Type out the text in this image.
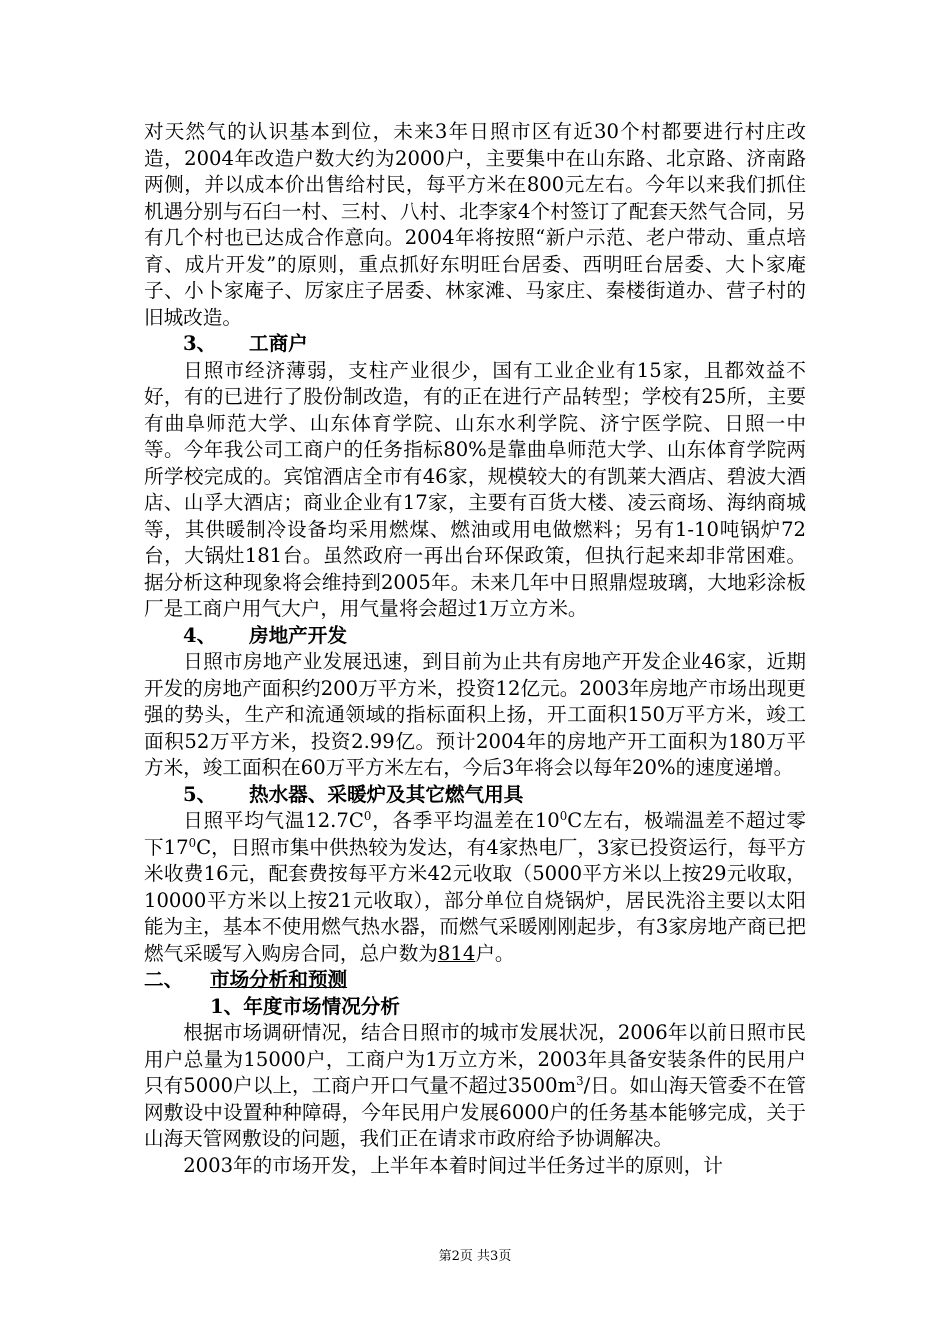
对天然气的认识基本到位，未来3年日照市区有近30个村都要进行村庄改造，2004年改造户数大约为2000户，主要集中在山东路、北京路、济南路两侧，并以成本价出售给村民，每平方米在800元左右。今年以来我们抓住机遇分别与石臼一村、三村、八村、北李家4个村签订了配套天然气合同，另有几个村也已达成合作意向。2004年将按照“新户示范、老户带动、重点培育、成片开发”的原则，重点抓好东明旺台居委、西明旺台居委、大卜家庵子、小卜家庵子、厉家庄子居委、林家滩、马家庄、秦楼街道办、营子村的旧城改造。
3、 工商户
日照市经济薄弱，支柱产业很少，国有工业企业有15家，且都效益不好，有的已进行了股份制改造，有的正在进行产品转型；学校有25所，主要有曲阜师范大学、山东体育学院、山东水利学院、济宁医学院、日照一中等。今年我公司工商户的任务指标80%是靠曲阜师范大学、山东体育学院两所学校完成的。宾馆酒店全市有46家，规模较大的有凯莱大酒店、碧波大酒店、山孚大酒店；商业企业有17家，主要有百货大楼、凌云商场、海纳商城等，其供暖制冷设备均采用燃煤、燃油或用电做燃料；另有1-10吨锅炉72台，大锅灶181台。虽然政府一再出台环保政策，但执行起来却非常困难。据分析这种现象将会维持到2005年。未来几年中日照鼎煜玻璃，大地彩涂板厂是工商户用气大户，用气量将会超过1万立方米。
4、 房地产开发
日照市房地产业发展迅速，到目前为止共有房地产开发企业46家，近期开发的房地产面积约200万平方米，投资12亿元。2003年房地产市场出现更强的势头，生产和流通领域的指标面积上扬，开工面积150万平方米，竣工面积52万平方米，投资2.99亿。预计2004年的房地产开工面积为180万平方米，竣工面积在60万平方米左右，今后3年将会以每年20%的速度递增。
5、 热水器、采暖炉及其它燃气用具
日照平均气温$12.7C^0$，各季平均温差在$10^0C$左右，极端温差不超过零下$17^0C$，日照市集中供热较为发达，有4家热电厂，3家已投资运行，每平方米收费16元，配套费按每平方米42元收取（5000平方米以上按29元收取，10000平方米以上按21元收取），部分单位自烧锅炉，居民洗浴主要以太阳能为主，基本不使用燃气热水器，而燃气采暖刚刚起步，有3家房地产商已把燃气采暖写入购房合同，总户数为814户。
二、 市场分析和预测
1、年度市场情况分析
根据市场调研情况，结合日照市的城市发展状况，2006年以前日照市民用户总量为15000户，工商户为1万立方米，2003年具备安装条件的民用户只有5000户以上，工商户开口气量不超过$3500m^3/$日。如山海天管委不在管网敷设中设置种种障碍，今年民用户发展6000户的任务基本能够完成，关于山海天管网敷设的问题，我们正在请求市政府给予协调解决。
2003年的市场开发，上半年本着时间过半任务过半的原则，计
第2页 共3页
